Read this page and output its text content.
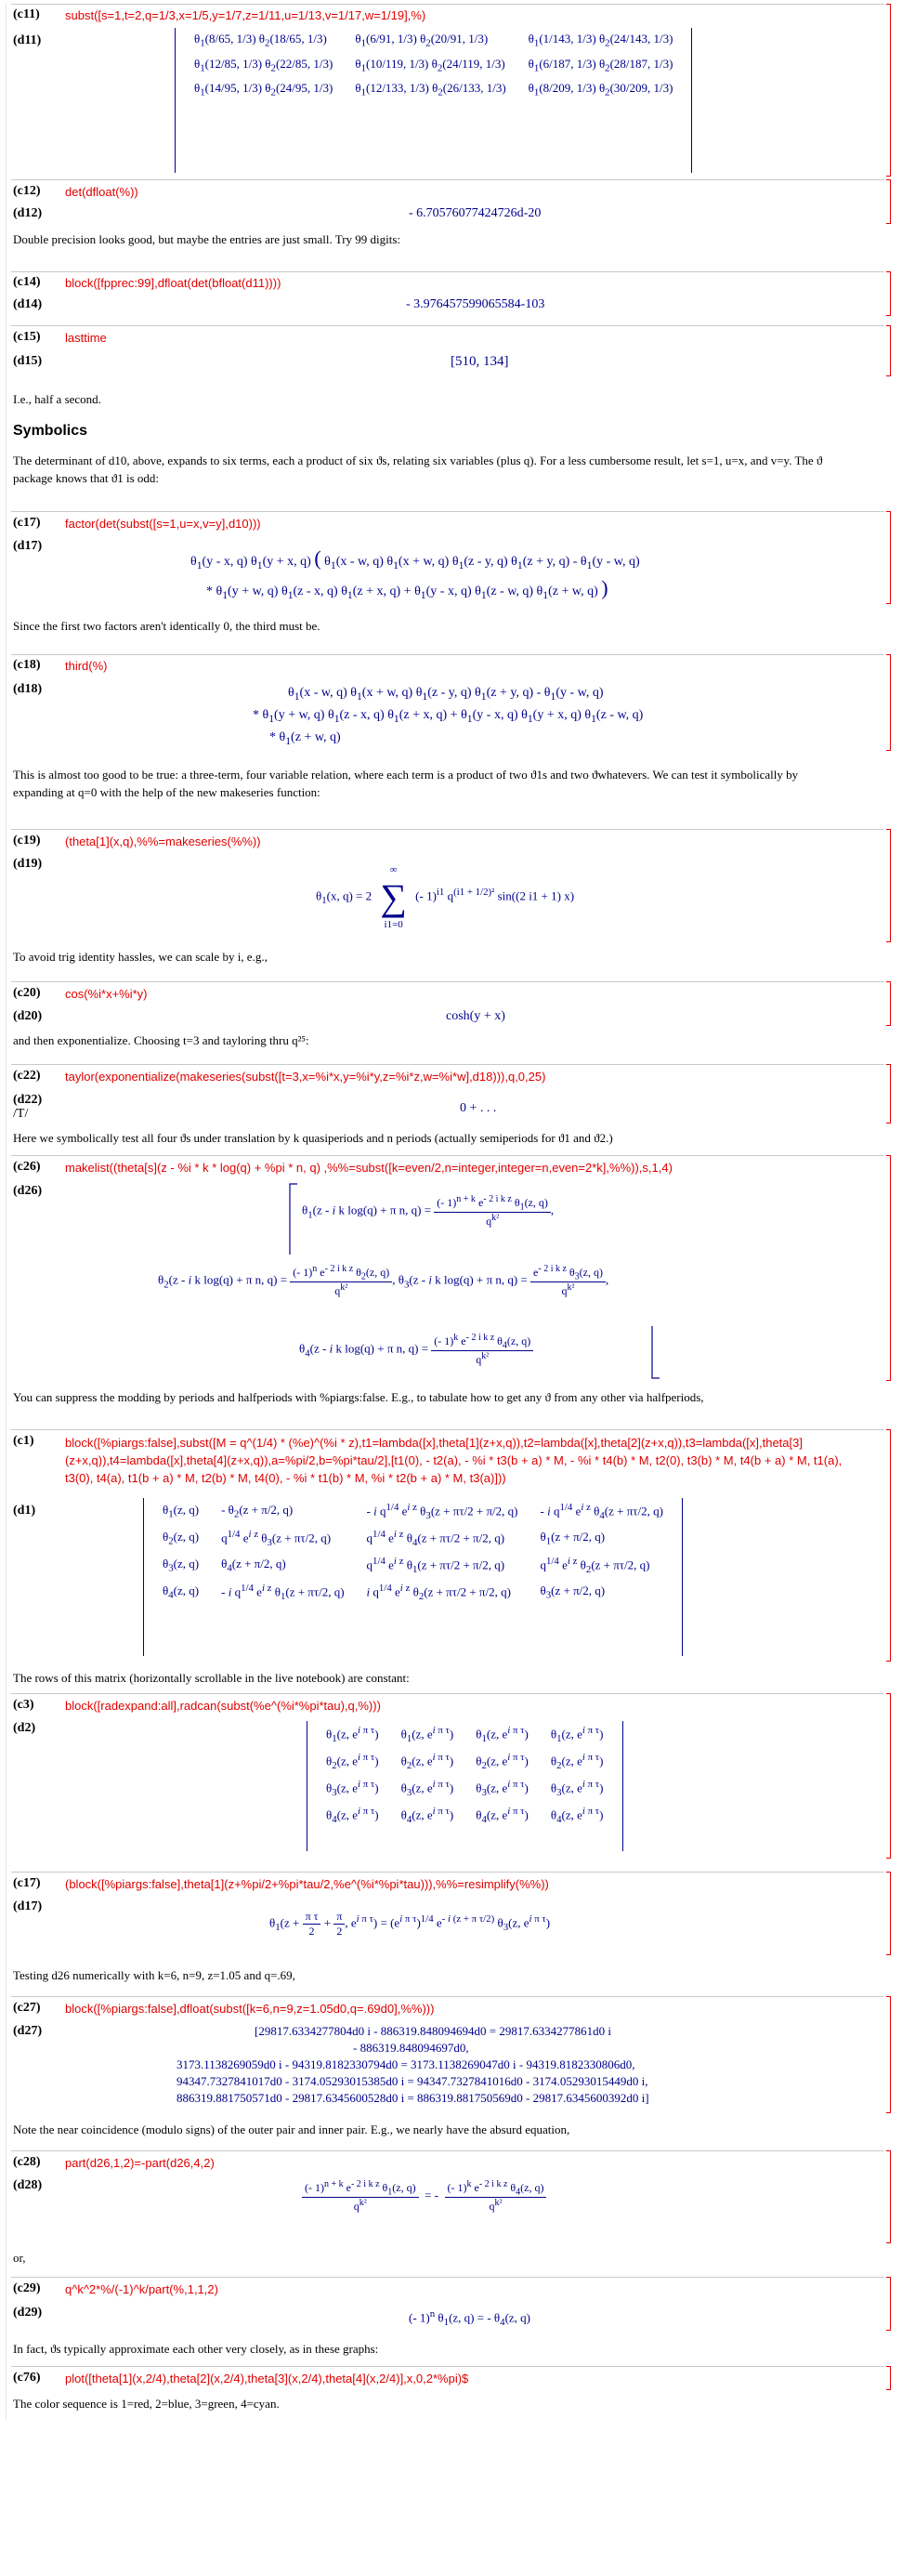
(c11) subst([s=1,t=2,q=1/3,x=1/5,y=1/7,z=1/11,u=1/13,v=1/17,w=1/19],%)
(d11)	$\theta_1(8/65$, 1/3) $\theta_2(18/65$, 1/3)	$\theta_1(6/91$, 1/3) $\theta_2(20/91$, 1/3)	$\theta_1(1/143$, 1/3) $\theta_2(24/143$, 1/3)
$\theta_1(12/85$, 1/3) $\theta_2(22/85$, 1/3)	$\theta_1(10/119$, 1/3) $\theta_2(24/119$, 1/3)	$\theta_1(6/187$, 1/3) $\theta_2(28/187$, 1/3)
$\theta_1(14/95$, 1/3) $\theta_2(24/95$, 1/3)	$\theta_1(12/133$, 1/3) $\theta_2(26/133$, 1/3)	$\theta_1(8/209$, 1/3) $\theta_2(30/209$, 1/3)
(c12) det(dfloat(%))
(d12)	- 6.70576077424726d-20
Double precision looks good, but maybe the entries are just small. Try 99 digits:
(c14) block([fpprec:99],dfloat(det(bfloat(d11))))
(d14)	- 3.976457599065584-103
(c15) lasttime
(d15)	[510, 134]
I.e., half a second.
Symbolics
The determinant of d10, above, expands to six terms, each a product of six ϑs, relating six variables (plus q). For a less cumbersome result, let s=1, u=x, and v=y. The ϑ package knows that ϑ1 is odd:
(c17) factor(det(subst([s=1,u=x,v=y],d10)))
(d17)
$\theta_1(y$ - x, q) $\theta_1(y + x$, q) ( $\theta_1(x$ - w, q) $\theta_1(x + w$, q) $\theta_1(z$ - y, q) $\theta_1(z + y$, $q) - \theta_1(y$ - w, q)
* $\theta_1(y + w$, q) $\theta_1(z$ - x, q) $\theta_1(z + x$, $q) + \theta_1(y - x$, q) $\theta_1(z$ - w, q) $\theta_1(z + w$, q) )
Since the first two factors aren't identically 0, the third must be.
(c18) third(%)
(d18)	$\theta_1(x$ - w, q) $\theta_1(x + w$, q) $\theta_1(z$ - y, q) $\theta_1(z + y$, $q) - \theta_1(y$ - w, q)
* $\theta_1(y + w$, q) $\theta_1(z$ - x, q) $\theta_1(z + x$, $q) + \theta_1(y - x$, q) $\theta_1(y + x$, q) $\theta_1(z$ - w, q)
* $\theta_1(z + w$, q)
This is almost too good to be true: a three-term, four variable relation, where each term is a product of two ϑ1s and two ϑwhatevers. We can test it symbolically by expanding at q=0 with the help of the new makeseries function:
(c19) (theta[1](x,q),%%=makeseries(%%))
(d19)
$\theta_1(x$, q) = 2
∞
∑
i1=0
(- 1)$^{i1}$ $q^{(i1 + 1/2)^2}$ sin((2 i1 + 1) x)
To avoid trig identity hassles, we can scale by i, e.g.,
(c20) cos(%i*x+%i*y)
(d20)	cosh(y + x)
and then exponentialize. Choosing t=3 and tayloring thru q²⁵:
(c22) taylor(exponentialize(makeseries(subst([t=3,x=%i*x,y=%i*y,z=%i*z,w=%i*w],d18))),q,0,25)
(d22)
/T/	0 + . . .
Here we symbolically test all four ϑs under translation by k quasiperiods and n periods (actually semiperiods for ϑ1 and ϑ2.)
(c26) makelist((theta[s](z - %i * k * log(q) + %pi * n, q) ,%%=subst([k=even/2,n=integer,integer=n,even=2*k],%%)),s,1,4)
(d26)
$\theta_1(z$ - i k log(q) + π n, $q) = \frac{(- 1)^{n + k} e^{- 2 i k z} \theta_1(z, q)}{q^{k^2}}$ ,
$\theta_2(z$ - i k log(q) + π n, $q) = \frac{(- 1)^n e^{- 2 i k z} \theta_2(z, q)}{q^{k^2}}$ , $\theta_3(z$ - i k log(q) + π n, $q) = \frac{e^{- 2 i k z} \theta_3(z, q)}{q^{k^2}}$ ,
$\theta_4(z$ - i k log(q) + π n, $q) = \frac{(- 1)^k e^{- 2 i k z} \theta_4(z, q)}{q^{k^2}}$
You can suppress the modding by periods and halfperiods with %piargs:false. E.g., to tabulate how to get any ϑ from any other via halfperiods,
(c1)	block([%piargs:false],subst([M = q^(1/4) * (%e)^(%i * z),t1=lambda([x],theta[1](z+x,q)),t2=lambda([x],theta[2](z+x,q)),t3=lambda([x],theta[3](z+x,q)),t4=lambda([x],theta[4](z+x,q)),a=%pi/2,b=%pi*tau/2],[t1(0), - t2(a), - %i * t3(b + a) * M, - %i * t4(b) * M, t2(0), t3(b) * M, t4(b + a) * M, t1(a), t3(0), t4(a), t1(b + a) * M, t2(b) * M, t4(0), - %i * t1(b) * M, %i * t2(b + a) * M, t3(a)]))
(d1)	$\theta_1(z$, q)	- $\theta_2(z + \pi/2$, q)	- i $q^{1/4}$ $e^{i z}$ $\theta_3(z + \pi\tau/2 + \pi/2$, q)	- i $q^{1/4}$ $e^{i z}$ $\theta_4(z + \pi\tau/2$, q)
$\theta_2(z$, q)	$q^{1/4}$ $e^{i z}$ $\theta_3(z + \pi\tau/2$, q)	$q^{1/4}$ $e^{i z}$ $\theta_4(z + \pi\tau/2 + \pi/2$, q)	$\theta_1(z + \pi/2$, q)
$\theta_3(z$, q)	$\theta_4(z + \pi/2$, q)	$q^{1/4}$ $e^{i z}$ $\theta_1(z + \pi\tau/2 + \pi/2$, q)	$q^{1/4}$ $e^{i z}$ $\theta_2(z + \pi\tau/2$, q)
$\theta_4(z$, q)	- i $q^{1/4}$ $e^{i z}$ $\theta_1(z + \pi\tau/2$, q)	i $q^{1/4}$ $e^{i z}$ $\theta_2(z + \pi\tau/2 + \pi/2$, q)	$\theta_3(z + \pi/2$, q)
The rows of this matrix (horizontally scrollable in the live notebook) are constant:
(c3)	block([radexpand:all],radcan(subst(%e^(%i*%pi*tau),q,%)))
(d2)	$\theta_1(z$, $e^{i \pi \tau}$)	$\theta_1(z$, $e^{i \pi \tau}$)	$\theta_1(z$, $e^{i \pi \tau}$)	$\theta_1(z$, $e^{i \pi \tau}$)
$\theta_2(z$, $e^{i \pi \tau}$)	$\theta_2(z$, $e^{i \pi \tau}$)	$\theta_2(z$, $e^{i \pi \tau}$)	$\theta_2(z$, $e^{i \pi \tau}$)
$\theta_3(z$, $e^{i \pi \tau}$)	$\theta_3(z$, $e^{i \pi \tau}$)	$\theta_3(z$, $e^{i \pi \tau}$)	$\theta_3(z$, $e^{i \pi \tau}$)
$\theta_4(z$, $e^{i \pi \tau}$)	$\theta_4(z$, $e^{i \pi \tau}$)	$\theta_4(z$, $e^{i \pi \tau}$)	$\theta_4(z$, $e^{i \pi \tau}$)
(c17) (block([%piargs:false],theta[1](z+%pi/2+%pi*tau/2,%e^(%i*%pi*tau))),%%=resimplify(%%))
(d17)
$\theta_1(z + \frac{\text{π τ}}{2} + \frac{\pi}{2}$ , $e^{i \pi \tau}) = (e^{i \pi \tau})^{1/4}$ $e^{- i (z + \pi \tau/2)}$ $\theta_3(z$, $e^{i \pi \tau}$)
Testing d26 numerically with k=6, n=9, z=1.05 and q=.69,
(c27) block([%piargs:false],dfloat(subst([k=6,n=9,z=1.05d0,q=.69d0],%%)))
(d27)	[29817.6334277804d0 i - 886319.848094694d0 = 29817.6334277861d0 i
- 886319.848094697d0,
3173.1138269059d0 i - 94319.8182330794d0 = 3173.1138269047d0 i - 94319.8182330806d0,
94347.7327841017d0 - 3174.05293015385d0 i = 94347.7327841016d0 - 3174.05293015449d0 i,
886319.881750571d0 - 29817.6345600528d0 i = 886319.881750569d0 - 29817.6345600392d0 i]
Note the near coincidence (modulo signs) of the outer pair and inner pair. E.g., we nearly have the absurd equation,
(c28) part(d26,1,2)=-part(d26,4,2)
(d28)	$\frac{(- 1)^{n + k} e^{- 2 i k z} \theta_1(z, q)}{q^{k^2}}$ = - $\frac{(- 1)^k e^{- 2 i k z} \theta_4(z, q)}{q^{k^2}}$
or,
(c29) q^k^2*%/(-1)^k/part(%,1,1,2)
(d29)	(- 1)$^n$ $\theta_1(z$, q) = - $\theta_4(z$, q)
In fact, ϑs typically approximate each other very closely, as in these graphs:
(c76) plot([theta[1](x,2/4),theta[2](x,2/4),theta[3](x,2/4),theta[4](x,2/4)],x,0,2*%pi)$
The color sequence is 1=red, 2=blue, 3=green, 4=cyan.
